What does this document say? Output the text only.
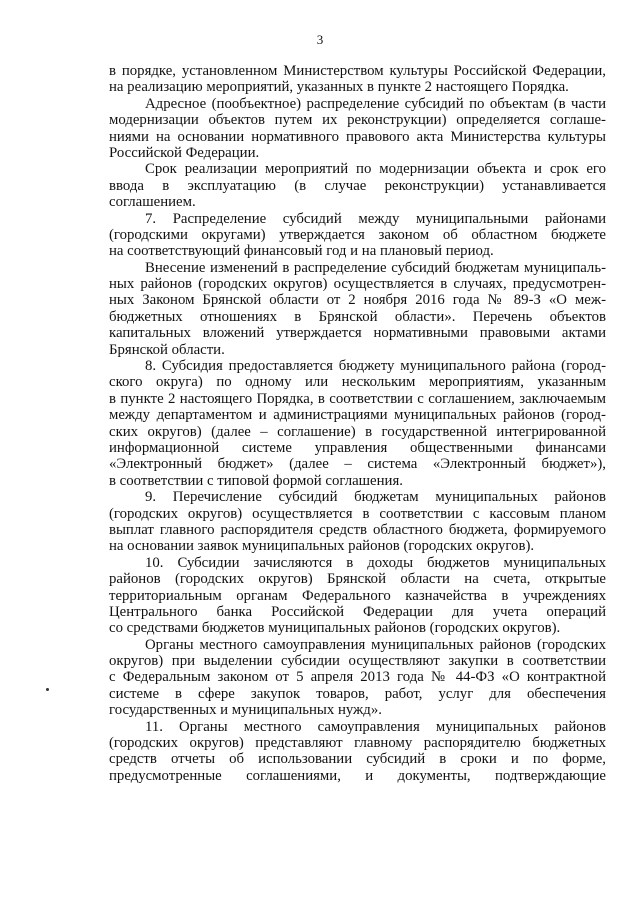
3
в порядке, установленном Министерством культуры Российской Федерации,
на реализацию мероприятий, указанных в пункте 2 настоящего Порядка.
Адресное (пообъектное) распределение субсидий по объектам (в части
модернизации объектов путем их реконструкции) определяется соглаше-
ниями на основании нормативного правового акта Министерства культуры
Российской Федерации.
Срок реализации мероприятий по модернизации объекта и срок его
ввода в эксплуатацию (в случае реконструкции) устанавливается
соглашением.
7. Распределение субсидий между муниципальными районами
(городскими округами) утверждается законом об областном бюджете
на соответствующий финансовый год и на плановый период.
Внесение изменений в распределение субсидий бюджетам муниципаль-
ных районов (городских округов) осуществляется в случаях, предусмотрен-
ных Законом Брянской области от 2 ноября 2016 года № 89-З «О меж-
бюджетных отношениях в Брянской области». Перечень объектов
капитальных вложений утверждается нормативными правовыми актами
Брянской области.
8. Субсидия предоставляется бюджету муниципального района (город-
ского округа) по одному или нескольким мероприятиям, указанным
в пункте 2 настоящего Порядка, в соответствии с соглашением, заключаемым
между департаментом и администрациями муниципальных районов (город-
ских округов) (далее – соглашение) в государственной интегрированной
информационной системе управления общественными финансами
«Электронный бюджет» (далее – система «Электронный бюджет»),
в соответствии с типовой формой соглашения.
9. Перечисление субсидий бюджетам муниципальных районов
(городских округов) осуществляется в соответствии с кассовым планом
выплат главного распорядителя средств областного бюджета, формируемого
на основании заявок муниципальных районов (городских округов).
10. Субсидии зачисляются в доходы бюджетов муниципальных
районов (городских округов) Брянской области на счета, открытые
территориальным органам Федерального казначейства в учреждениях
Центрального банка Российской Федерации для учета операций
со средствами бюджетов муниципальных районов (городских округов).
Органы местного самоуправления муниципальных районов (городских
округов) при выделении субсидии осуществляют закупки в соответствии
с Федеральным законом от 5 апреля 2013 года № 44-ФЗ «О контрактной
системе в сфере закупок товаров, работ, услуг для обеспечения
государственных и муниципальных нужд».
11. Органы местного самоуправления муниципальных районов
(городских округов) представляют главному распорядителю бюджетных
средств отчеты об использовании субсидий в сроки и по форме,
предусмотренные соглашениями, и документы, подтверждающие
